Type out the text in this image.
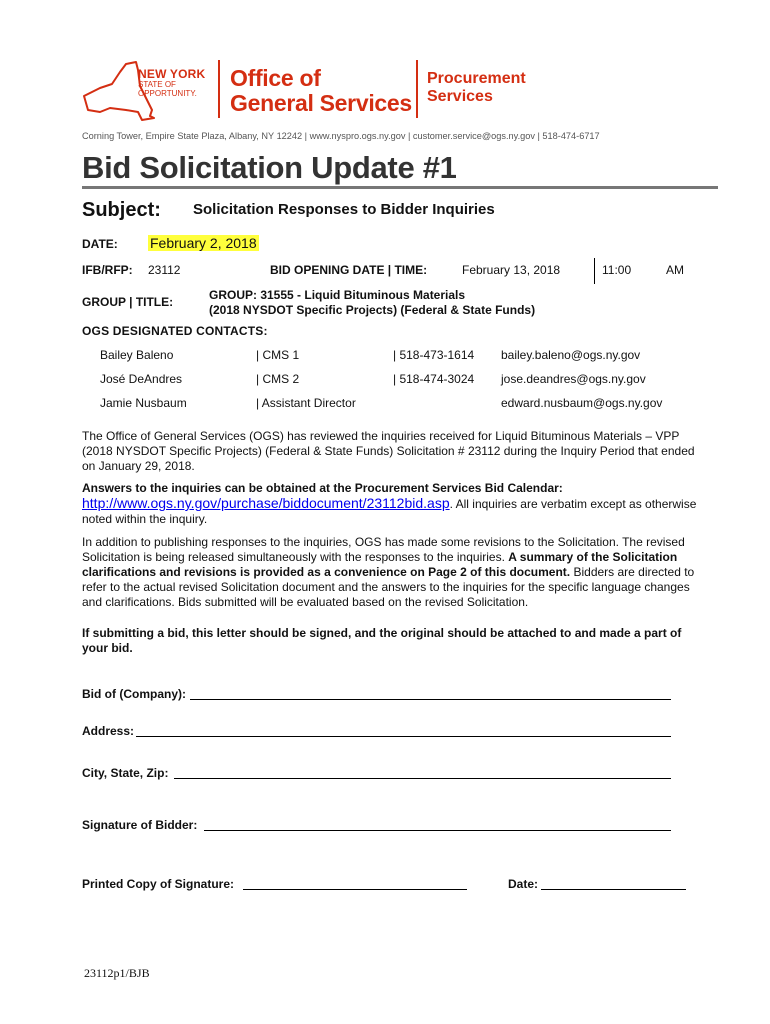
NEW YORK
STATE OF
OPPORTUNITY.
Office of
General Services
Procurement
Services
Corning Tower, Empire State Plaza, Albany, NY 12242 | www.nyspro.ogs.ny.gov | customer.service@ogs.ny.gov | 518-474-6717
Bid Solicitation Update #1
Subject: Solicitation Responses to Bidder Inquiries
DATE: February 2, 2018
IFB/RFP: 23112	BID OPENING DATE | TIME:	February 13, 2018	11:00	AM
GROUP | TITLE:	GROUP: 31555 - Liquid Bituminous Materials
(2018 NYSDOT Specific Projects) (Federal & State Funds)
OGS DESIGNATED CONTACTS:
Bailey Baleno	| CMS 1	| 518-473-1614 bailey.baleno@ogs.ny.gov
José DeAndres	| CMS 2	| 518-474-3024 jose.deandres@ogs.ny.gov
Jamie Nusbaum	| Assistant Director	edward.nusbaum@ogs.ny.gov
The Office of General Services (OGS) has reviewed the inquiries received for Liquid Bituminous Materials – VPP (2018 NYSDOT Specific Projects) (Federal & State Funds) Solicitation # 23112 during the Inquiry Period that ended on January 29, 2018.
Answers to the inquiries can be obtained at the Procurement Services Bid Calendar:
http://www.ogs.ny.gov/purchase/biddocument/23112bid.asp. All inquiries are verbatim except as otherwise noted within the inquiry.
In addition to publishing responses to the inquiries, OGS has made some revisions to the Solicitation. The revised Solicitation is being released simultaneously with the responses to the inquiries. A summary of the Solicitation clarifications and revisions is provided as a convenience on Page 2 of this document. Bidders are directed to refer to the actual revised Solicitation document and the answers to the inquiries for the specific language changes and clarifications. Bids submitted will be evaluated based on the revised Solicitation.
If submitting a bid, this letter should be signed, and the original should be attached to and made a part of your bid.
Bid of (Company):
Address:
City, State, Zip:
Signature of Bidder:
Printed Copy of Signature:	Date:
23112p1/BJB
